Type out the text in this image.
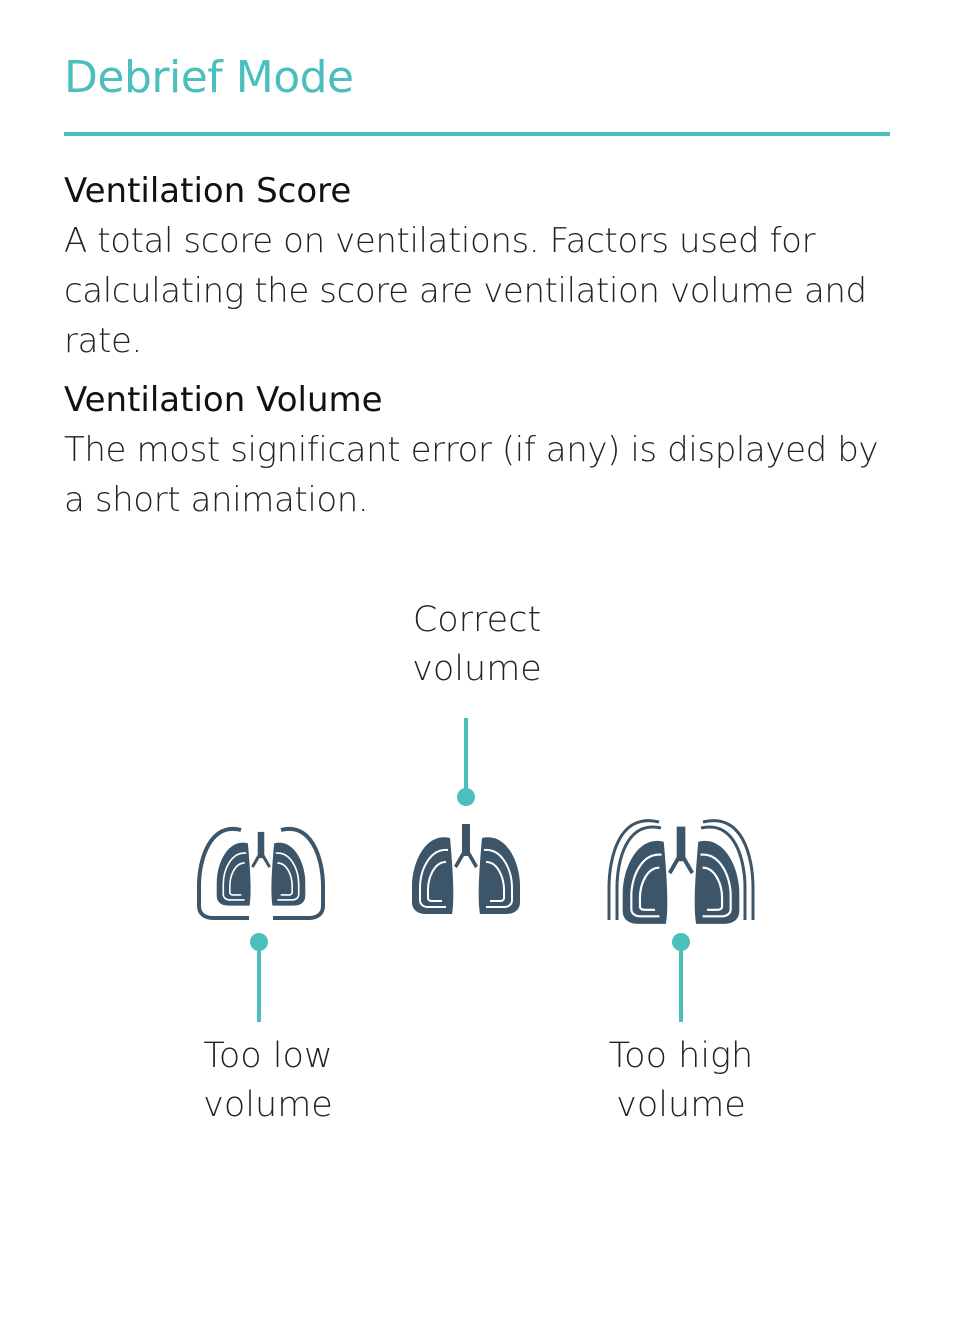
Debrief Mode
Ventilation Score

A total score on ventilations. Factors used for calculating the score are ventilation volume and rate.

Ventilation Volume

The most significant error (if any) is displayed by a short animation.

Correct
volume
Too low
volume
Too high
volume
